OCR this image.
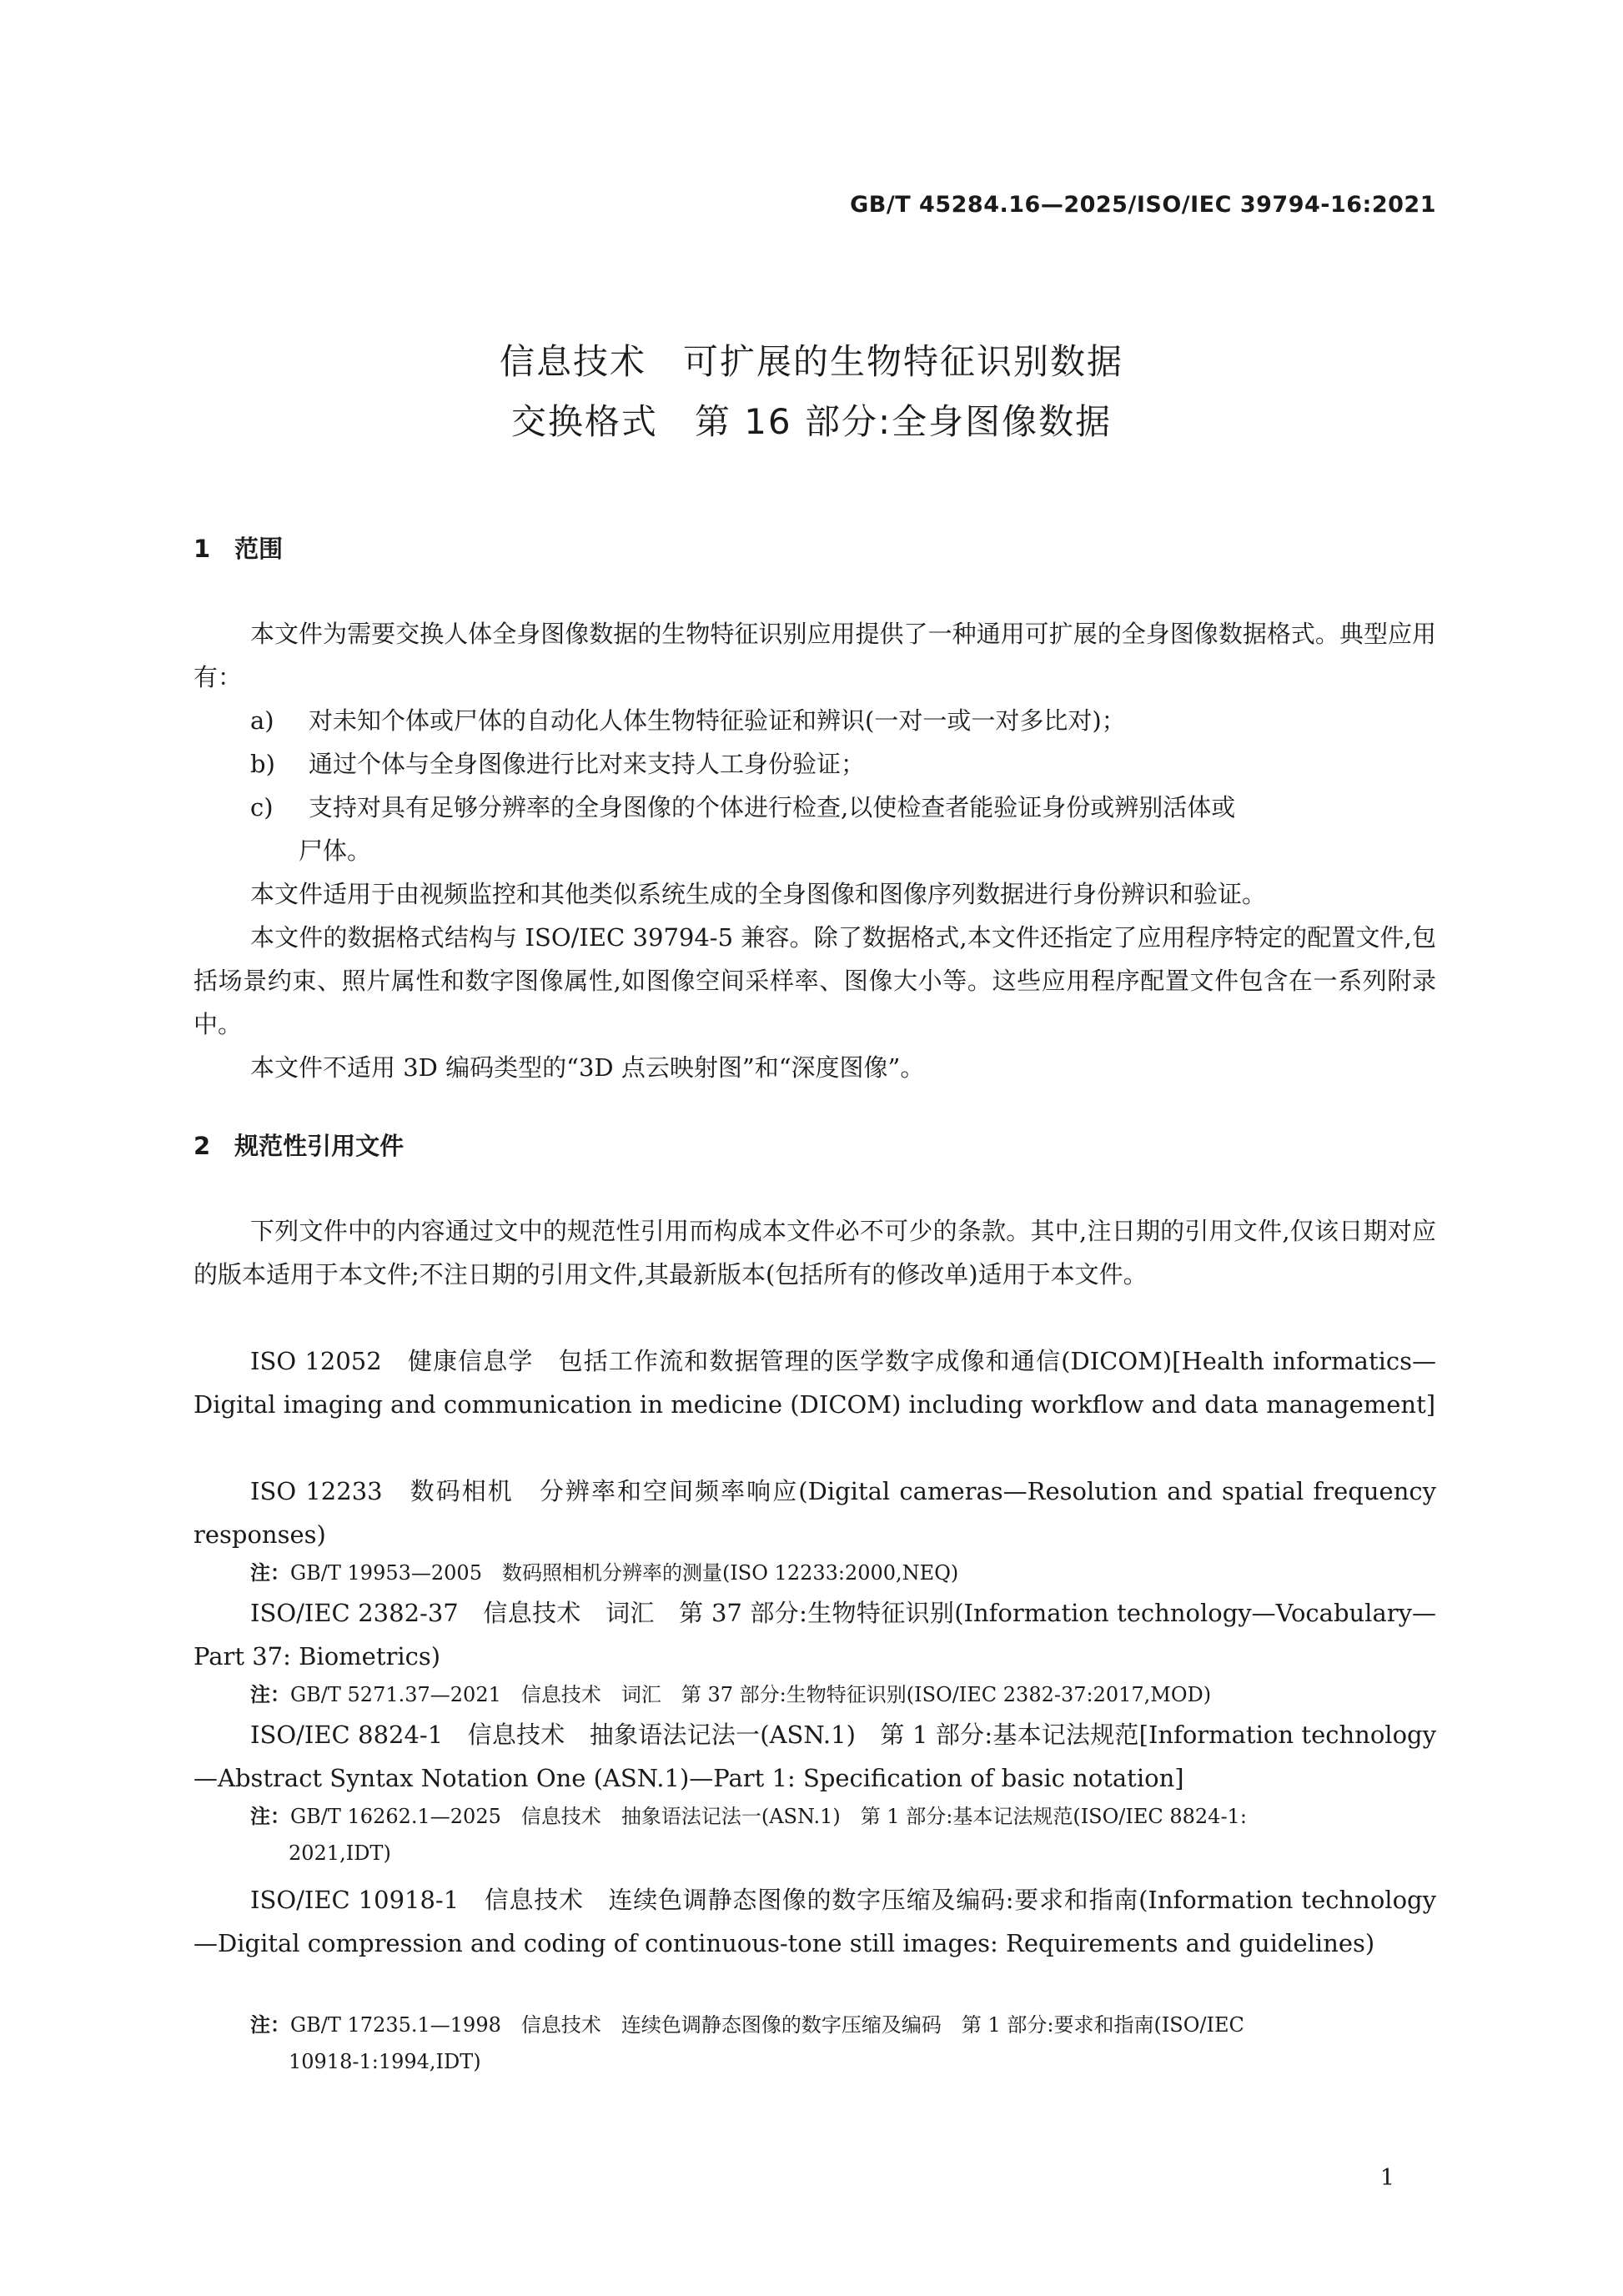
GB/T 45284.16—2025/ISO/IEC 39794-16:2021
信息技术　可扩展的生物特征识别数据
交换格式　第 16 部分:全身图像数据
1　范围
本文件为需要交换人体全身图像数据的生物特征识别应用提供了一种通用可扩展的全身图像数据格式。典型应用有：
a) 对未知个体或尸体的自动化人体生物特征验证和辨识(一对一或一对多比对)；
b) 通过个体与全身图像进行比对来支持人工身份验证；
c) 支持对具有足够分辨率的全身图像的个体进行检查,以使检查者能验证身份或辨别活体或
尸体。
本文件适用于由视频监控和其他类似系统生成的全身图像和图像序列数据进行身份辨识和验证。
本文件的数据格式结构与 ISO/IEC 39794-5 兼容。除了数据格式,本文件还指定了应用程序特定的配置文件,包括场景约束、照片属性和数字图像属性,如图像空间采样率、图像大小等。这些应用程序配置文件包含在一系列附录中。
本文件不适用 3D 编码类型的“3D 点云映射图”和“深度图像”。
2　规范性引用文件
下列文件中的内容通过文中的规范性引用而构成本文件必不可少的条款。其中,注日期的引用文件,仅该日期对应的版本适用于本文件;不注日期的引用文件,其最新版本(包括所有的修改单)适用于本文件。
ISO 12052　健康信息学　包括工作流和数据管理的医学数字成像和通信(DICOM)[Health informatics—Digital imaging and communication in medicine (DICOM) including workflow and data management]
ISO 12233　数码相机　分辨率和空间频率响应(Digital cameras—Resolution and spatial frequency responses)
注：GB/T 19953—2005　数码照相机分辨率的测量(ISO 12233:2000,NEQ)
ISO/IEC 2382-37　信息技术　词汇　第 37 部分:生物特征识别(Information technology—Vocabulary—Part 37: Biometrics)
注：GB/T 5271.37—2021　信息技术　词汇　第 37 部分:生物特征识别(ISO/IEC 2382-37:2017,MOD)
ISO/IEC 8824-1　信息技术　抽象语法记法一(ASN.1)　第 1 部分:基本记法规范[Information technology—Abstract Syntax Notation One (ASN.1)—Part 1: Specification of basic notation]
注：GB/T 16262.1—2025　信息技术　抽象语法记法一(ASN.1)　第 1 部分:基本记法规范(ISO/IEC 8824-1:
2021,IDT)
ISO/IEC 10918-1　信息技术　连续色调静态图像的数字压缩及编码:要求和指南(Information technology—Digital compression and coding of continuous-tone still images: Requirements and guidelines)
注：GB/T 17235.1—1998　信息技术　连续色调静态图像的数字压缩及编码　第 1 部分:要求和指南(ISO/IEC
10918-1:1994,IDT)
1
